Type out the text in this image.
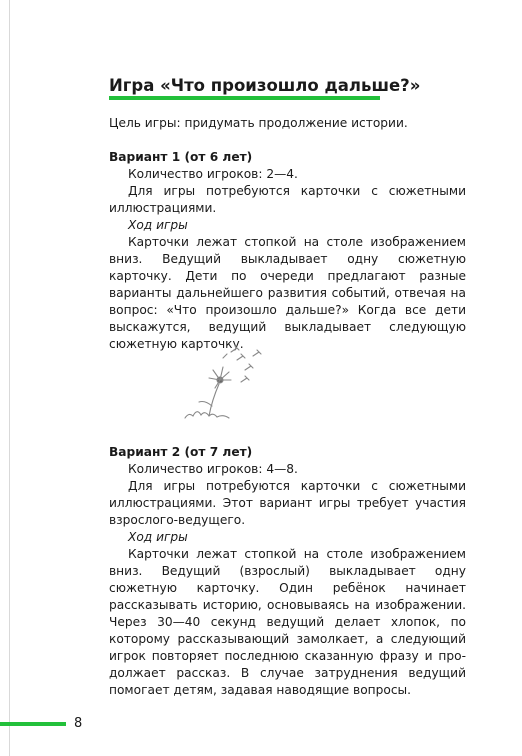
Игра «Что произошло дальше?»

Цель игры: придумать продолжение истории.

Вариант 1 (от 6 лет)

Количество игроков: 2—4.

Для игры потребуются карточки с сюжетными иллюстрациями.

Ход игры

Карточки лежат стопкой на столе изображением вниз. Ведущий выкладывает одну сюжетную карточку. Дети по очереди предлагают разные варианты дальнейшего развития событий, отвечая на вопрос: «Что произошло дальше?» Когда все дети выскажутся, ведущий выкладывает следующую сюжетную карточку.

Вариант 2 (от 7 лет)

Количество игроков: 4—8.

Для игры потребуются карточки с сюжетными иллюстрациями. Этот вариант игры требует участия взрослого-ведущего.

Ход игры

Карточки лежат стопкой на столе изображением вниз. Ведущий (взрослый) выкладывает одну сюжетную карточку. Один ребёнок начинает рассказывать историю, основываясь на изображении. Через 30—40 секунд ведущий делает хлопок, по которому рассказывающий замолкает, а следующий игрок повторяет последнюю сказанную фразу и продолжает рассказ. В случае затруднения ведущий помогает детям, задавая наводящие вопросы.

8
